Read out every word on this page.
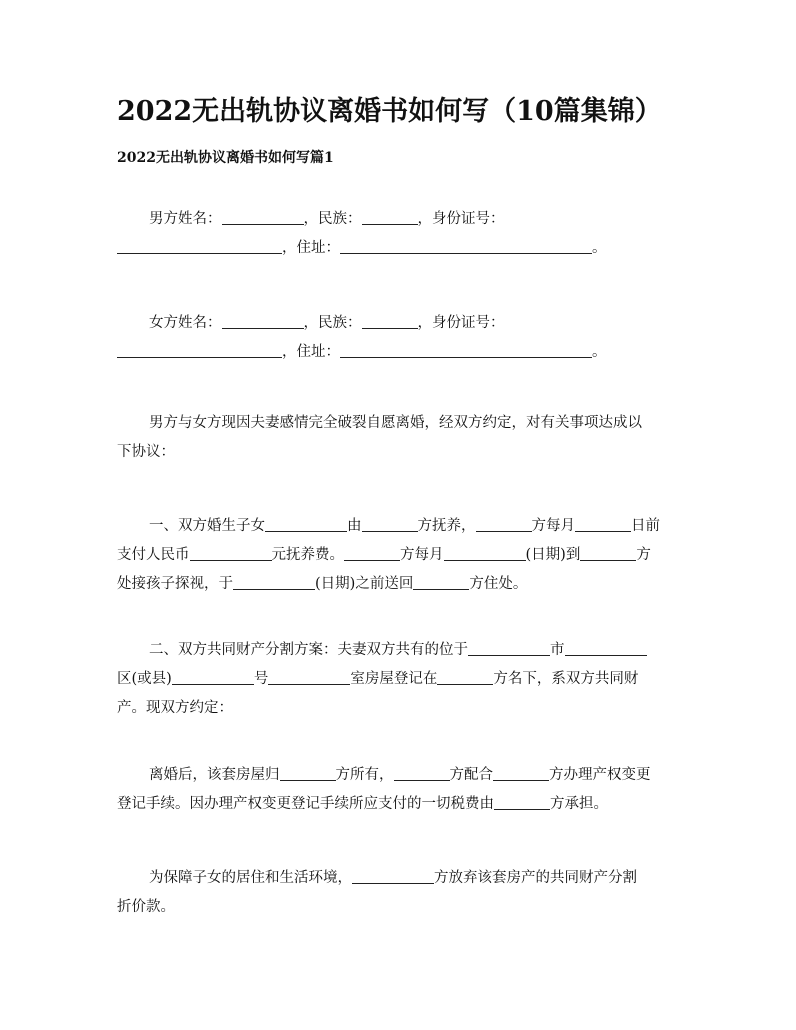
2022无出轨协议离婚书如何写（10篇集锦）
2022无出轨协议离婚书如何写篇1
男方姓名：	，民族：	，身份证号：
，住址：	。
女方姓名：	，民族：	，身份证号：
，住址：	。
男方与女方现因夫妻感情完全破裂自愿离婚，经双方约定，对有关事项达成以
下协议：
一、双方婚生子女	由	方抚养，	方每月	日前
支付人民币	元抚养费。	方每月	(日期)到	方
处接孩子探视，于	(日期)之前送回	方住处。
二、双方共同财产分割方案：夫妻双方共有的位于	市
区(或县)	号	室房屋登记在	方名下，系双方共同财
产。现双方约定：
离婚后，该套房屋归	方所有，	方配合	方办理产权变更
登记手续。因办理产权变更登记手续所应支付的一切税费由	方承担。
为保障子女的居住和生活环境，	方放弃该套房产的共同财产分割
折价款。
